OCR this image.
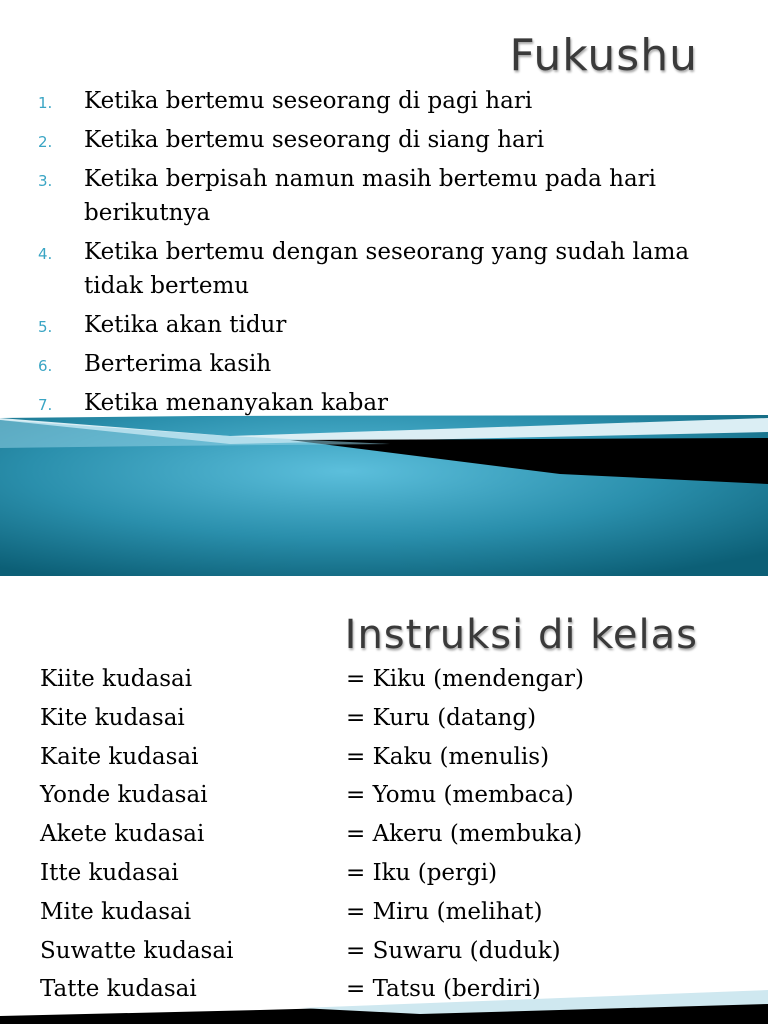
Fukushu
1. Ketika bertemu seseorang di pagi hari
2. Ketika bertemu seseorang di siang hari
3. Ketika berpisah namun masih bertemu pada hari berikutnya
4. Ketika bertemu dengan seseorang yang sudah lama tidak bertemu
5. Ketika akan tidur
6. Berterima kasih
7. Ketika menanyakan kabar
Instruksi di kelas
Kiite kudasai	= Kiku (mendengar)
Kite kudasai	= Kuru (datang)
Kaite kudasai	= Kaku (menulis)
Yonde kudasai	= Yomu (membaca)
Akete kudasai	= Akeru (membuka)
Itte kudasai	= Iku (pergi)
Mite kudasai	= Miru (melihat)
Suwatte kudasai	= Suwaru (duduk)
Tatte kudasai	= Tatsu (berdiri)
